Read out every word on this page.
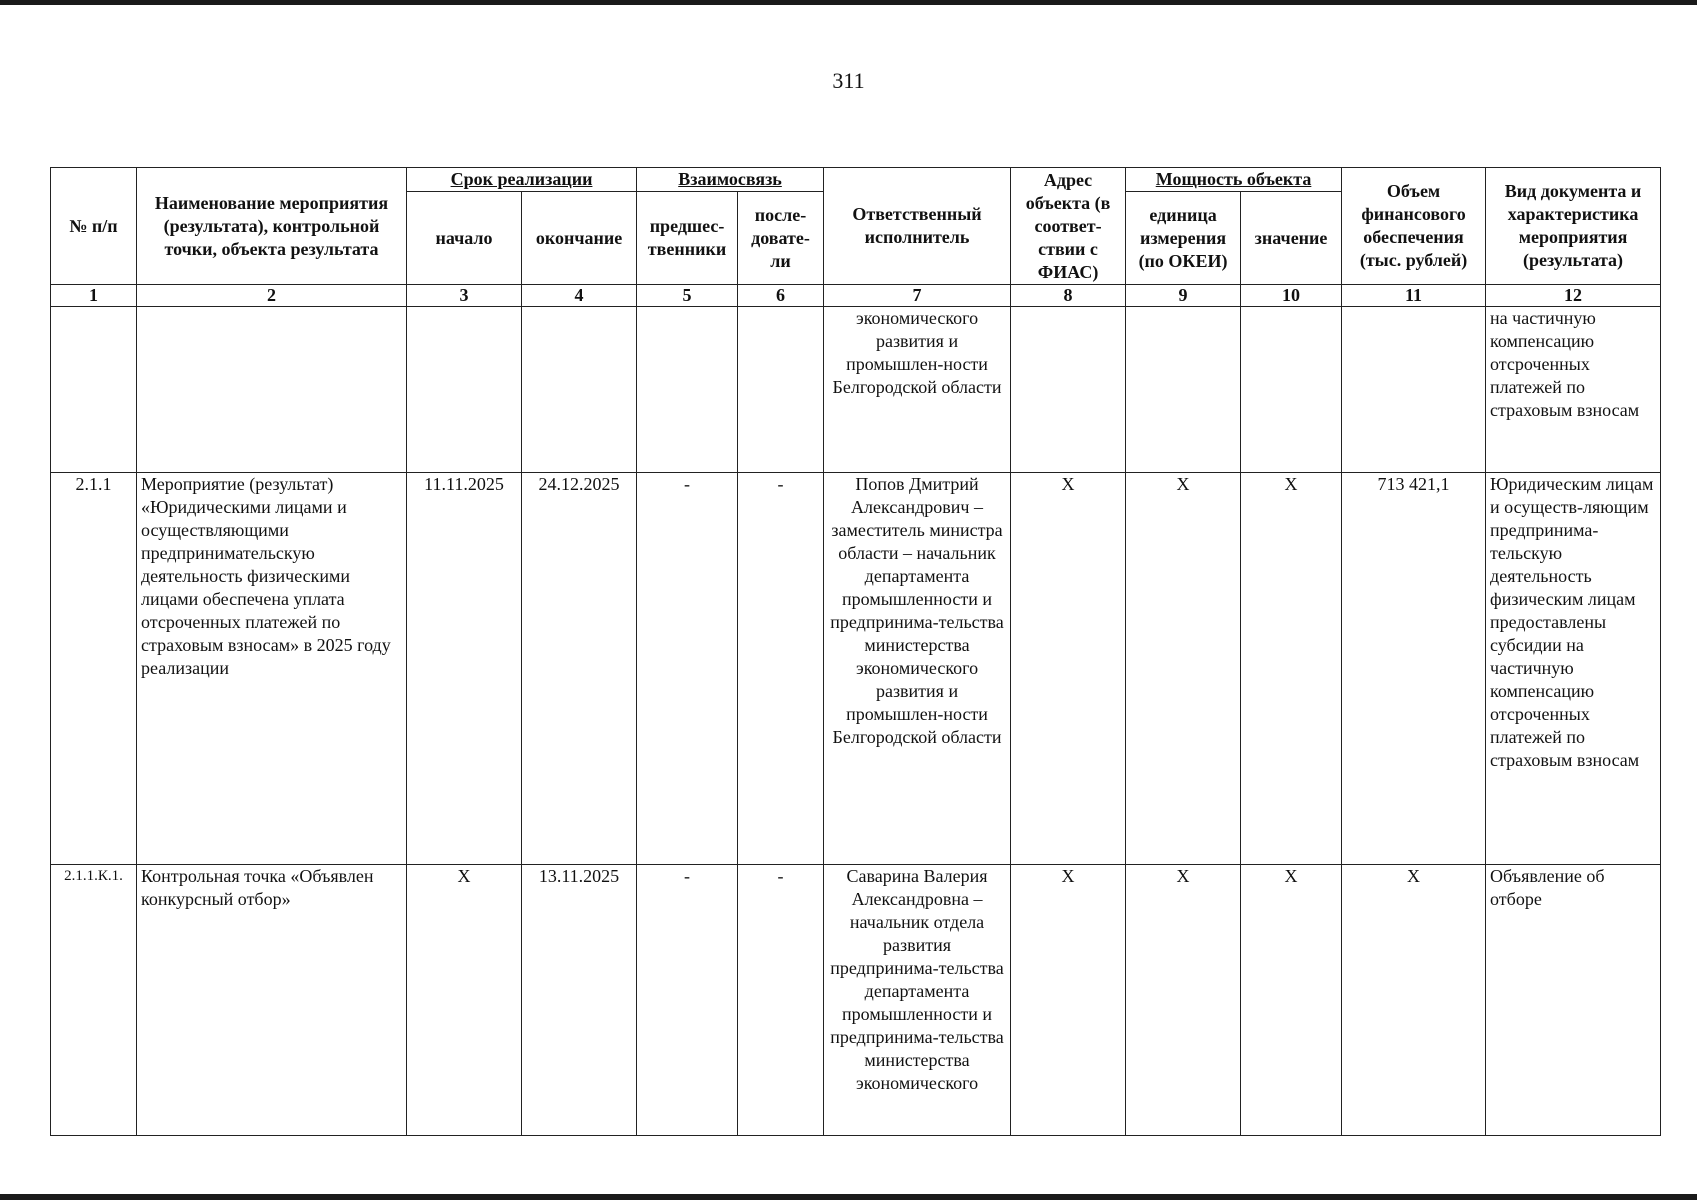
311
№ п/п	Наименование мероприятия (результата), контрольной точки, объекта результата	Срок реализации		Взаимосвязь		Ответственный исполнитель	Адрес объекта (в соответ-ствии с ФИАС)	Мощность объекта		Объем финансового обеспечения (тыс. рублей)	Вид документа и характеристика мероприятия (результата)
		начало	окончание	предшес-твенники	после-довате-ли			единица измерения (по ОКЕИ)	значение		
1	2	3	4	5	6	7	8	9	10	11	12
						экономического развития и промышлен-ности Белгородской области					на частичную компенсацию отсроченных платежей по страховым взносам
2.1.1	Мероприятие (результат) «Юридическими лицами и осуществляющими предпринимательскую деятельность физическими лицами обеспечена уплата отсроченных платежей по страховым взносам» в 2025 году реализации	11.11.2025	24.12.2025	-	-	Попов Дмитрий Александрович – заместитель министра области – начальник департамента промышленности и предпринима-тельства министерства экономического развития и промышлен-ности Белгородской области	X	X	X	713 421,1	Юридическим лицам и осуществ-ляющим предпринима-тельскую деятельность физическим лицам предоставлены субсидии на частичную компенсацию отсроченных платежей по страховым взносам
2.1.1.К.1.	Контрольная точка «Объявлен конкурсный отбор»	X	13.11.2025	-	-	Саварина Валерия Александровна – начальник отдела развития предпринима-тельства департамента промышленности и предпринима-тельства министерства экономического	X	X	X	X	Объявление об отборе
